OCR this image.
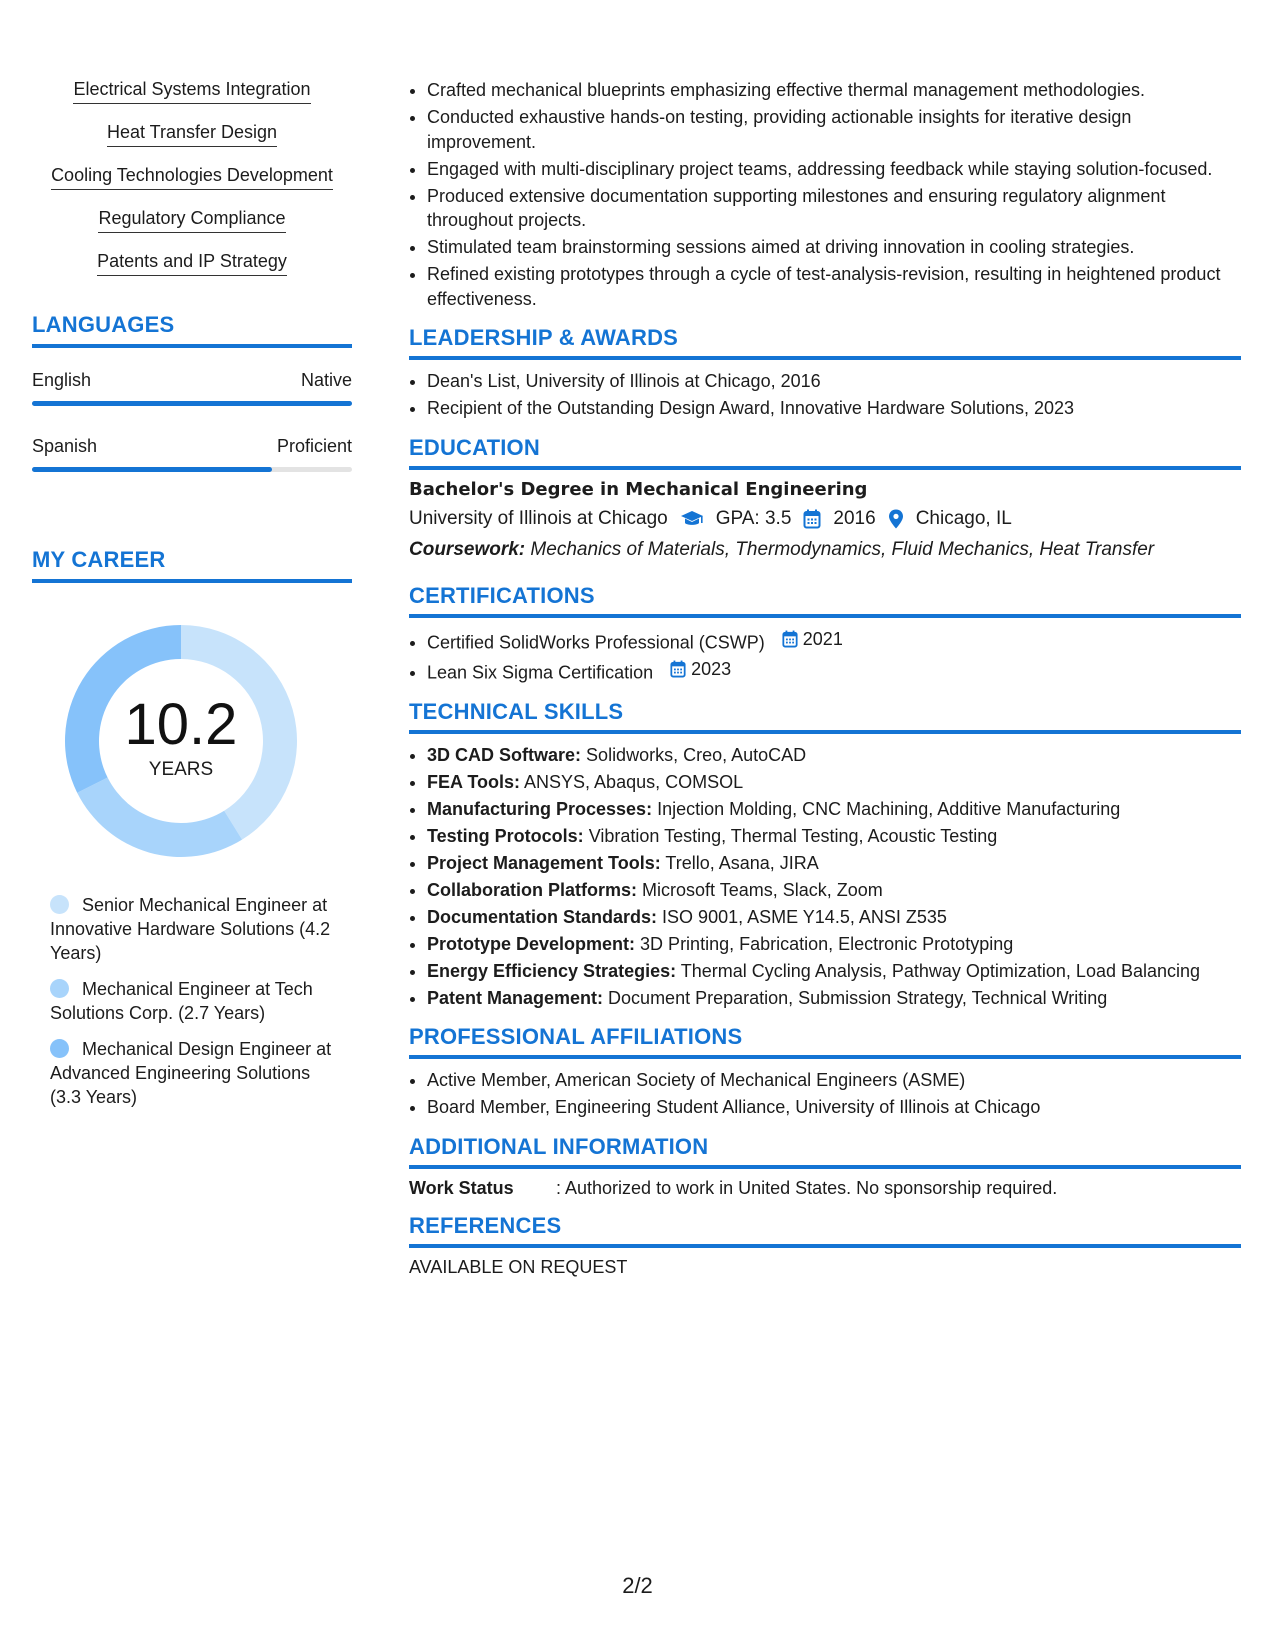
Electrical Systems Integration
Heat Transfer Design
Cooling Technologies Development
Regulatory Compliance
Patents and IP Strategy
LANGUAGES
English	Native
Spanish	Proficient
MY CAREER
10.2
YEARS
Senior Mechanical Engineer at Innovative Hardware Solutions (4.2 Years)
Mechanical Engineer at Tech Solutions Corp. (2.7 Years)
Mechanical Design Engineer at Advanced Engineering Solutions (3.3 Years)
• Crafted mechanical blueprints emphasizing effective thermal management methodologies.
• Conducted exhaustive hands-on testing, providing actionable insights for iterative design improvement.
• Engaged with multi-disciplinary project teams, addressing feedback while staying solution-focused.
• Produced extensive documentation supporting milestones and ensuring regulatory alignment throughout projects.
• Stimulated team brainstorming sessions aimed at driving innovation in cooling strategies.
• Refined existing prototypes through a cycle of test-analysis-revision, resulting in heightened product effectiveness.
LEADERSHIP & AWARDS
• Dean's List, University of Illinois at Chicago, 2016
• Recipient of the Outstanding Design Award, Innovative Hardware Solutions, 2023
EDUCATION
Bachelor's Degree in Mechanical Engineering
University of Illinois at Chicago	GPA: 3.5 2016 Chicago, IL
Coursework: Mechanics of Materials, Thermodynamics, Fluid Mechanics, Heat Transfer
CERTIFICATIONS
• Certified SolidWorks Professional (CSWP) 2021
• Lean Six Sigma Certification 2023
TECHNICAL SKILLS
• 3D CAD Software: Solidworks, Creo, AutoCAD
• FEA Tools: ANSYS, Abaqus, COMSOL
• Manufacturing Processes: Injection Molding, CNC Machining, Additive Manufacturing
• Testing Protocols: Vibration Testing, Thermal Testing, Acoustic Testing
• Project Management Tools: Trello, Asana, JIRA
• Collaboration Platforms: Microsoft Teams, Slack, Zoom
• Documentation Standards: ISO 9001, ASME Y14.5, ANSI Z535
• Prototype Development: 3D Printing, Fabrication, Electronic Prototyping
• Energy Efficiency Strategies: Thermal Cycling Analysis, Pathway Optimization, Load Balancing
• Patent Management: Document Preparation, Submission Strategy, Technical Writing
PROFESSIONAL AFFILIATIONS
• Active Member, American Society of Mechanical Engineers (ASME)
• Board Member, Engineering Student Alliance, University of Illinois at Chicago
ADDITIONAL INFORMATION
Work Status	: Authorized to work in United States. No sponsorship required.
REFERENCES
AVAILABLE ON REQUEST
2/2
